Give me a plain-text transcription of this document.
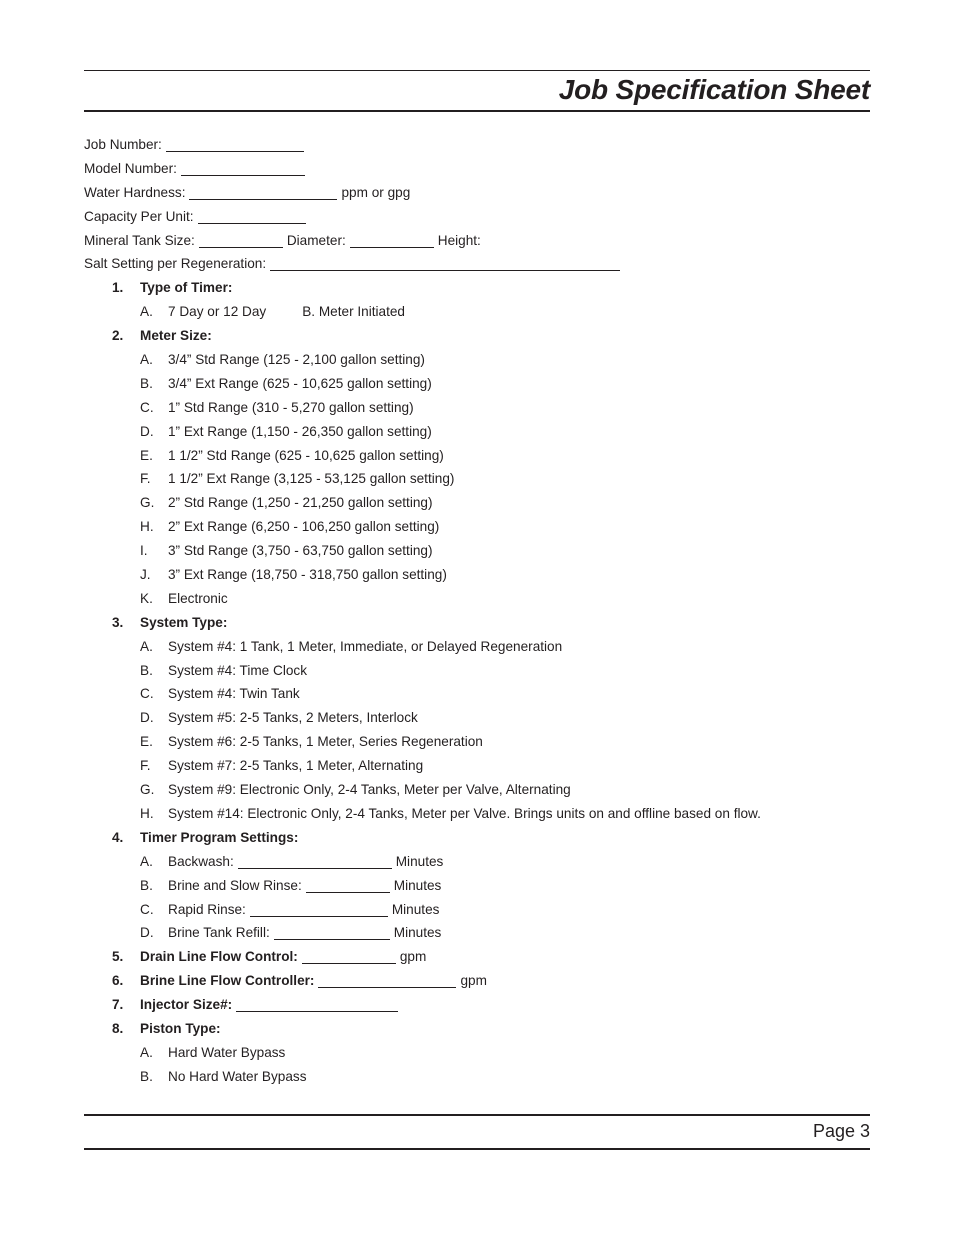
Job Specification Sheet
Job Number:
Model Number:
Water Hardness:	ppm or gpg
Capacity Per Unit:
Mineral Tank Size:	Diameter:	Height:
Salt Setting per Regeneration:
1. Type of Timer:
A. 7 Day or 12 Day	B. Meter Initiated
2. Meter Size:
A. 3/4” Std Range (125 - 2,100 gallon setting)
B. 3/4” Ext Range (625 - 10,625 gallon setting)
C. 1” Std Range (310 - 5,270 gallon setting)
D. 1” Ext Range (1,150 - 26,350 gallon setting)
E. 1 1/2” Std Range (625 - 10,625 gallon setting)
F. 1 1/2” Ext Range (3,125 - 53,125 gallon setting)
G. 2” Std Range (1,250 - 21,250 gallon setting)
H. 2” Ext Range (6,250 - 106,250 gallon setting)
I. 3” Std Range (3,750 - 63,750 gallon setting)
J. 3” Ext Range (18,750 - 318,750 gallon setting)
K. Electronic
3. System Type:
A. System #4: 1 Tank, 1 Meter, Immediate, or Delayed Regeneration
B. System #4: Time Clock
C. System #4: Twin Tank
D. System #5: 2-5 Tanks, 2 Meters, Interlock
E. System #6: 2-5 Tanks, 1 Meter, Series Regeneration
F. System #7: 2-5 Tanks, 1 Meter, Alternating
G. System #9: Electronic Only, 2-4 Tanks, Meter per Valve, Alternating
H. System #14: Electronic Only, 2-4 Tanks, Meter per Valve. Brings units on and offline based on flow.
4. Timer Program Settings:
A. Backwash:	Minutes
B. Brine and Slow Rinse:	Minutes
C. Rapid Rinse:	Minutes
D. Brine Tank Refill:	Minutes
5. Drain Line Flow Control:	gpm
6. Brine Line Flow Controller:	gpm
7. Injector Size#:
8. Piston Type:
A. Hard Water Bypass
B. No Hard Water Bypass
Page 3
